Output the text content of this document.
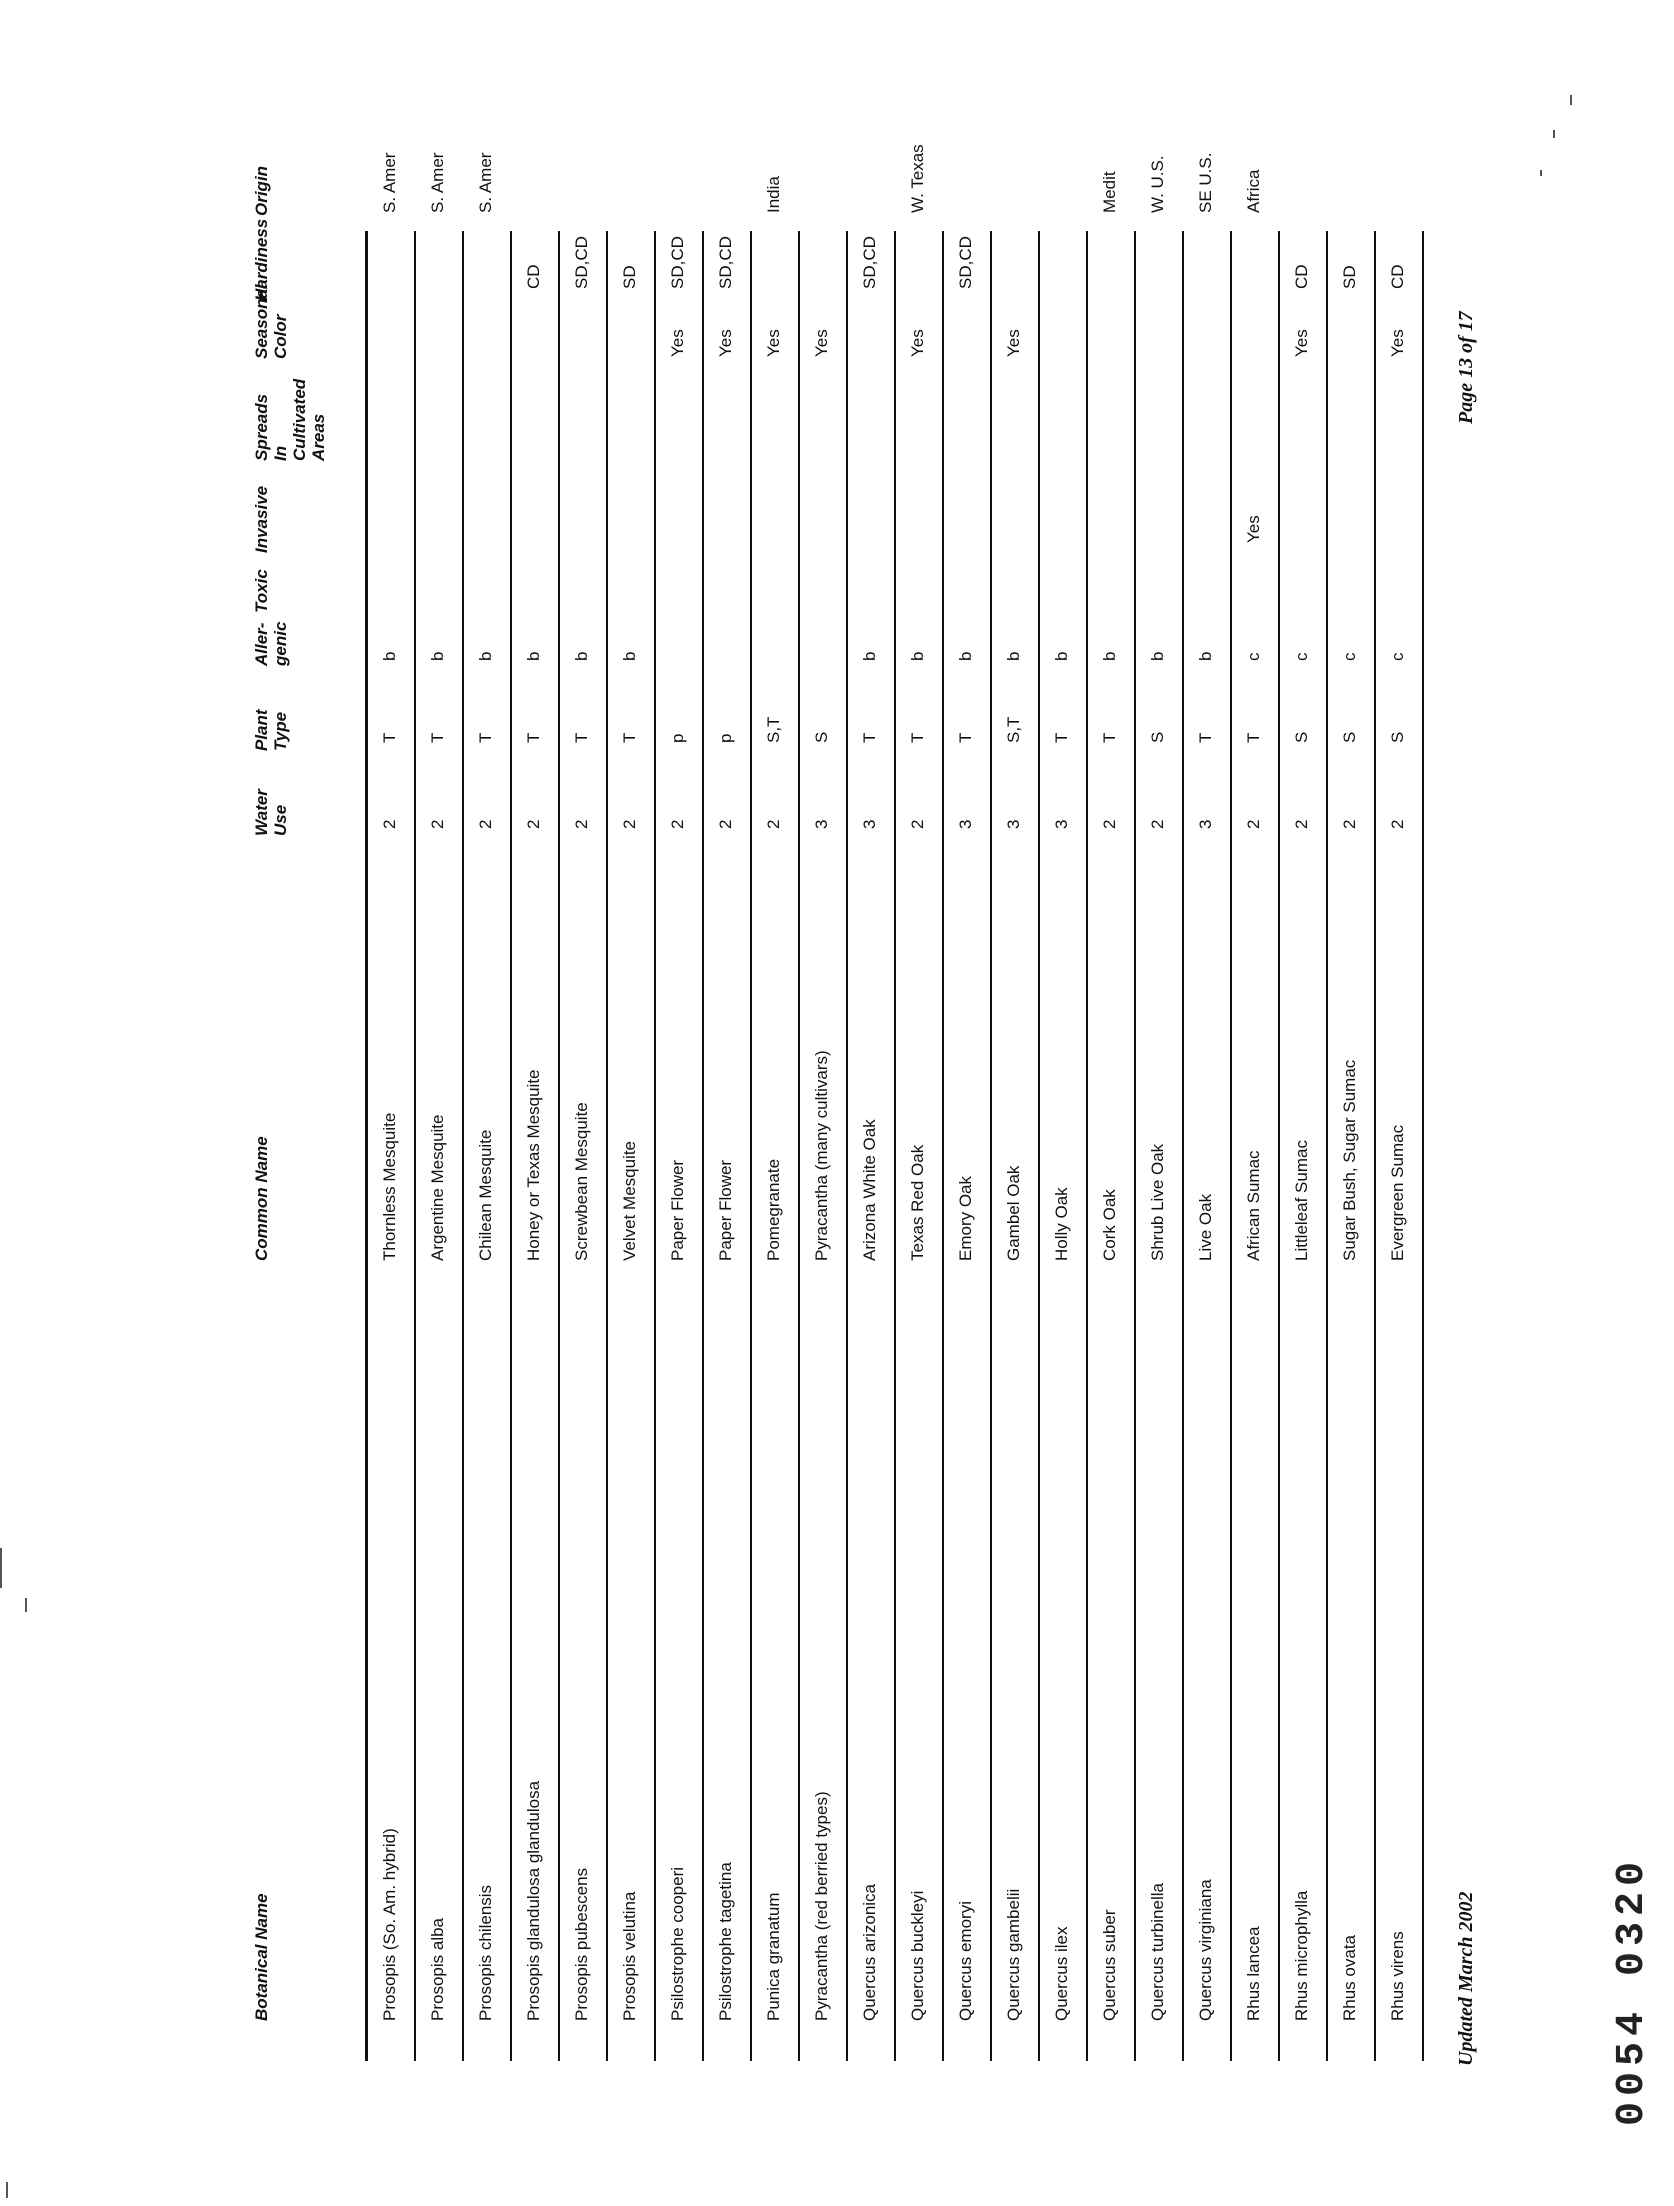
Botanical Name
Common Name
Water Use
Plant Type
Aller- genic
Toxic
Invasive
Spreads In Cultivated Areas
Seasonal Color
Hardiness
Origin
Prosopis (So. Am. hybrid)
Thornless Mesquite
2
T
b
S. Amer
Prosopis alba
Argentine Mesquite
2
T
b
S. Amer
Prosopis chilensis
Chilean Mesquite
2
T
b
S. Amer
Prosopis glandulosa glandulosa
Honey or Texas Mesquite
2
T
b
CD
Prosopis pubescens
Screwbean Mesquite
2
T
b
SD,CD
Prosopis velutina
Velvet Mesquite
2
T
b
SD
Psilostrophe cooperi
Paper Flower
2
p
Yes
SD,CD
Psilostrophe tagetina
Paper Flower
2
p
Yes
SD,CD
Punica granatum
Pomegranate
2
S,T
Yes
India
Pyracantha (red berried types)
Pyracantha (many cultivars)
3
S
Yes
Quercus arizonica
Arizona White Oak
3
T
b
SD,CD
Quercus buckleyi
Texas Red Oak
2
T
b
Yes
W. Texas
Quercus emoryi
Emory Oak
3
T
b
SD,CD
Quercus gambelii
Gambel Oak
3
S,T
b
Yes
Quercus ilex
Holly Oak
3
T
b
Quercus suber
Cork Oak
2
T
b
Medit
Quercus turbinella
Shrub Live Oak
2
S
b
W. U.S.
Quercus virginiana
Live Oak
3
T
b
SE U.S.
Rhus lancea
African Sumac
2
T
c
Yes
Africa
Rhus microphylla
Littleleaf Sumac
2
S
c
Yes
CD
Rhus ovata
Sugar Bush, Sugar Sumac
2
S
c
SD
Rhus virens
Evergreen Sumac
2
S
c
Yes
CD
Updated March 2002
Page 13 of 17
0054 0320
